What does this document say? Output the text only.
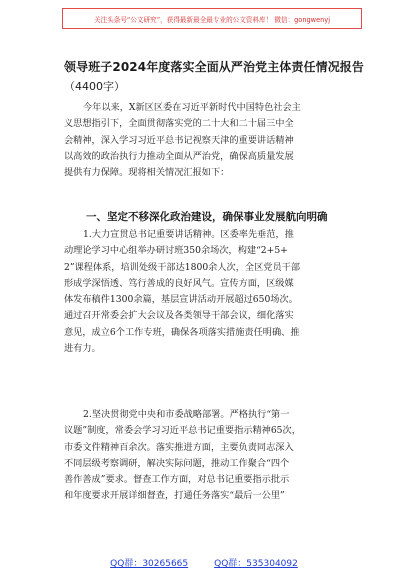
关注头条号“公文研究”，获得最新最全最专业的公文资料库！ 微信：gongwenyj
领导班子2024年度落实全面从严治党主体责任情况报告
（4400字）
今年以来，X新区区委在习近平新时代中国特色社会主
义思想指引下，全面贯彻落实党的二十大和二十届三中全
会精神，深入学习习近平总书记视察天津的重要讲话精神
以高效的政治执行力推动全面从严治党，确保高质量发展
提供有力保障。现将相关情况汇报如下：
一、坚定不移深化政治建设，确保事业发展航向明确
1.大力宣贯总书记重要讲话精神。区委率先垂范，推
动理论学习中心组举办研讨班350余场次，构建“2+5+
2”课程体系，培训处级干部达1800余人次，全区党员干部
形成学深悟透、笃行善成的良好风气。宣传方面，区级媒
体发布稿件1300余篇，基层宣讲活动开展超过650场次。
通过召开常委会扩大会议及各类领导干部会议，细化落实
意见，成立6个工作专班，确保各项落实措施责任明确、推
进有力。
2.坚决贯彻党中央和市委战略部署。严格执行“第一
议题”制度，常委会学习习近平总书记重要指示精神65次，
市委文件精神百余次。落实推进方面，主要负责同志深入
不同层级考察调研，解决实际问题，推动工作聚合“四个
善作善成”要求。督查工作方面，对总书记重要指示批示
和年度要求开展详细督查，打通任务落实“最后一公里”
QQ群：30265665	QQ群：535304092
